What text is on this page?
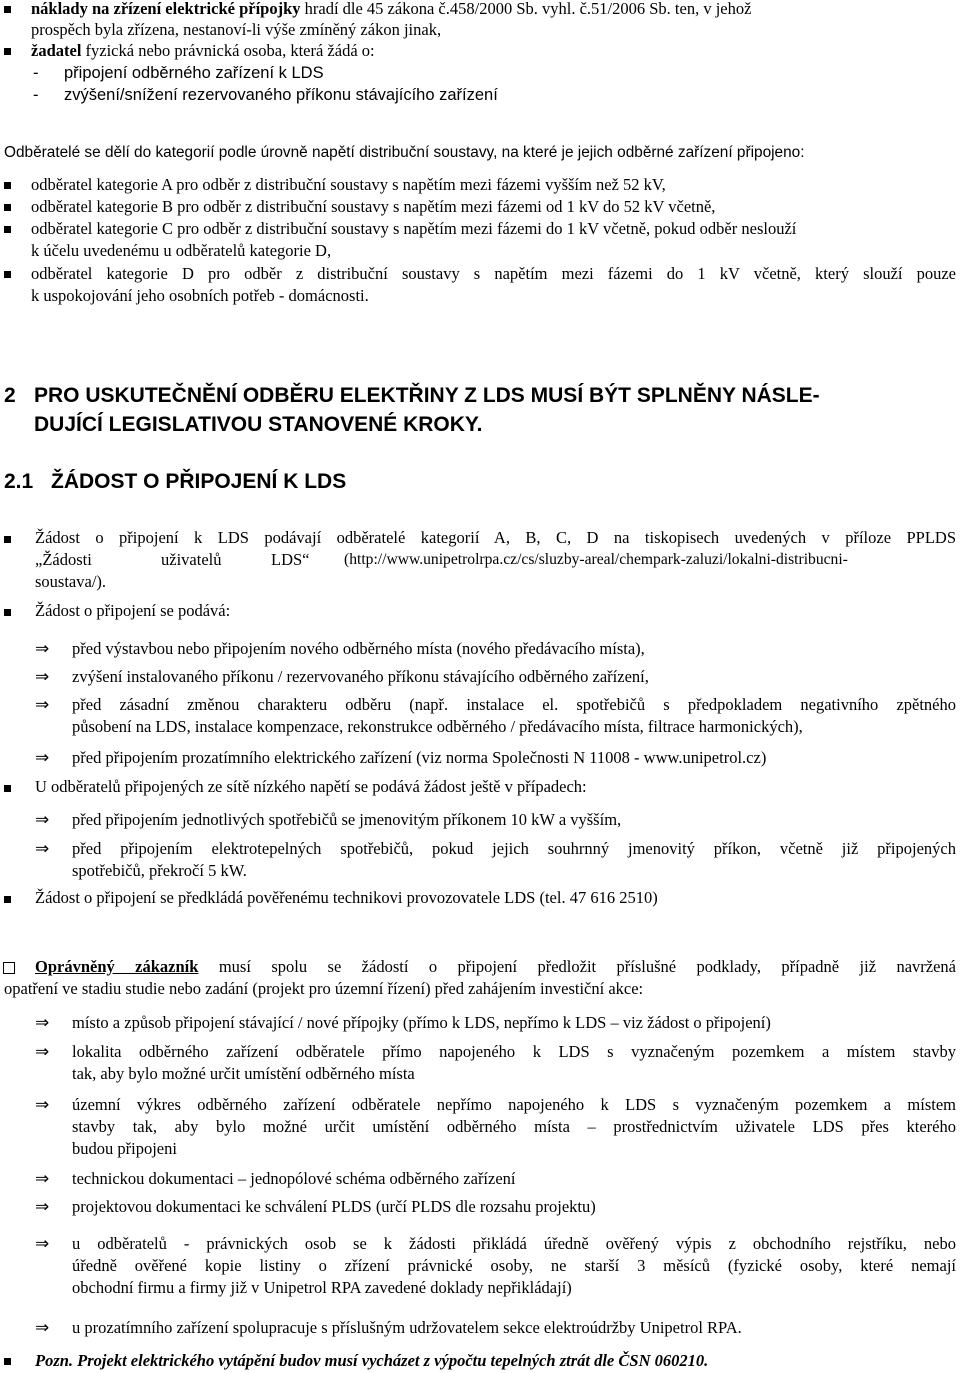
náklady na zřízení elektrické přípojky hradí dle 45 zákona č.458/2000 Sb. vyhl. č.51/2006 Sb. ten, v jehož
prospěch byla zřízena, nestanoví-li výše zmíněný zákon jinak,
žadatel fyzická nebo právnická osoba, která žádá o:
- připojení odběrného zařízení k LDS
- zvýšení/snížení rezervovaného příkonu stávajícího zařízení
Odběratelé se dělí do kategorií podle úrovně napětí distribuční soustavy, na které je jejich odběrné zařízení připojeno:
odběratel kategorie A pro odběr z distribuční soustavy s napětím mezi fázemi vyšším než 52 kV,
odběratel kategorie B pro odběr z distribuční soustavy s napětím mezi fázemi od 1 kV do 52 kV včetně,
odběratel kategorie C pro odběr z distribuční soustavy s napětím mezi fázemi do 1 kV včetně, pokud odběr neslouží
k účelu uvedenému u odběratelů kategorie D,
odběratel kategorie D pro odběr z distribuční soustavy s napětím mezi fázemi do 1 kV včetně, který slouží pouze
k uspokojování jeho osobních potřeb - domácnosti.
2 PRO USKUTEČNĚNÍ ODBĚRU ELEKTŘINY Z LDS MUSÍ BÝT SPLNĚNY NÁSLE-
DUJÍCÍ LEGISLATIVOU STANOVENÉ KROKY.
2.1 ŽÁDOST O PŘIPOJENÍ K LDS
Žádost o připojení k LDS podávají odběratelé kategorií A, B, C, D na tiskopisech uvedených v příloze PPLDS
„Žádosti	uživatelů	LDS“ (http://www.unipetrolrpa.cz/cs/sluzby-areal/chempark-zaluzi/lokalni-distribucni-
soustava/).
Žádost o připojení se podává:
⇒ před výstavbou nebo připojením nového odběrného místa (nového předávacího místa),
⇒ zvýšení instalovaného příkonu / rezervovaného příkonu stávajícího odběrného zařízení,
⇒ před zásadní změnou charakteru odběru (např. instalace el. spotřebičů s předpokladem negativního zpětného
působení na LDS, instalace kompenzace, rekonstrukce odběrného / předávacího místa, filtrace harmonických),
⇒ před připojením prozatímního elektrického zařízení (viz norma Společnosti N 11008 - www.unipetrol.cz)
U odběratelů připojených ze sítě nízkého napětí se podává žádost ještě v případech:
⇒ před připojením jednotlivých spotřebičů se jmenovitým příkonem 10 kW a vyšším,
⇒ před připojením elektrotepelných spotřebičů, pokud jejich souhrnný jmenovitý příkon, včetně již připojených
spotřebičů, překročí 5 kW.
Žádost o připojení se předkládá pověřenému technikovi provozovatele LDS (tel. 47 616 2510)
Oprávněný zákazník musí spolu se žádostí o připojení předložit příslušné podklady, případně již navržená
opatření ve stadiu studie nebo zadání (projekt pro územní řízení) před zahájením investiční akce:
⇒ místo a způsob připojení stávající / nové přípojky (přímo k LDS, nepřímo k LDS – viz žádost o připojení)
⇒ lokalita odběrného zařízení odběratele přímo napojeného k LDS s vyznačeným pozemkem a místem stavby
tak, aby bylo možné určit umístění odběrného místa
⇒ územní výkres odběrného zařízení odběratele nepřímo napojeného k LDS s vyznačeným pozemkem a místem
stavby tak, aby bylo možné určit umístění odběrného místa – prostřednictvím uživatele LDS přes kterého
budou připojeni
⇒ technickou dokumentaci – jednopólové schéma odběrného zařízení
⇒ projektovou dokumentaci ke schválení PLDS (určí PLDS dle rozsahu projektu)
⇒ u odběratelů - právnických osob se k žádosti přikládá úředně ověřený výpis z obchodního rejstříku, nebo
úředně ověřené kopie listiny o zřízení právnické osoby, ne starší 3 měsíců (fyzické osoby, které nemají
obchodní firmu a firmy již v Unipetrol RPA zavedené doklady nepřikládají)
⇒ u prozatímního zařízení spolupracuje s příslušným udržovatelem sekce elektroúdržby Unipetrol RPA.
Pozn. Projekt elektrického vytápění budov musí vycházet z výpočtu tepelných ztrát dle ČSN 060210.
